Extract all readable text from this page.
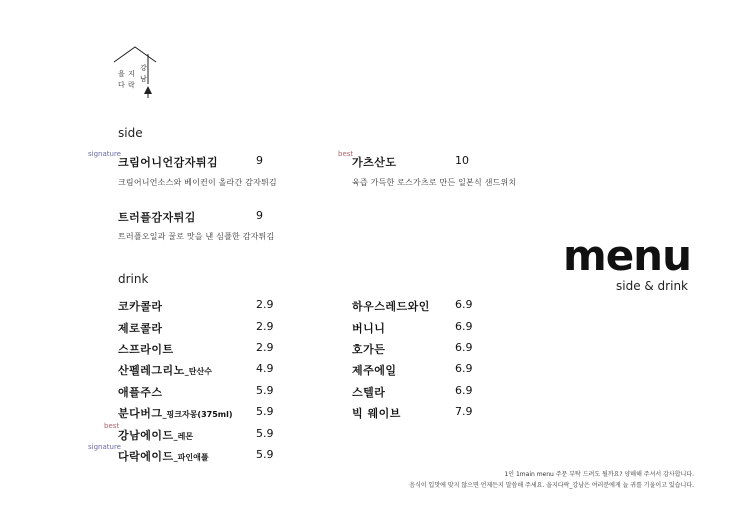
을
다
지
락
강
남
side
signature
크림어니언감자튀김	9
크림어니언소스와 베이컨이 올라간 감자튀김
best
가츠산도	10
육즙 가득한 로스가츠로 만든 일본식 샌드위치
트러플감자튀김	9
트러플오일과 꿀로 맛을 낸 심플한 감자튀김
drink
코카콜라	2.9
제로콜라	2.9
스프라이트	2.9
산펠레그리노_탄산수	4.9
애플주스	5.9
분다버그_핑크자몽(375ml) 5.9
best
강남에이드_레몬	5.9
signature
다락에이드_파인애플	5.9
하우스레드와인 6.9
버니니	6.9
호가든	6.9
제주에일	6.9
스텔라	6.9
빅 웨이브	7.9
menu
side & drink
1인 1main menu 주문 부탁 드려도 될까요? 양해해 주셔서 감사합니다.
음식이 입맛에 맞지 않으면 언제든지 말씀해 주세요. 을지다락_강남은 여러분에게 늘 귀를 기울이고 있습니다.
